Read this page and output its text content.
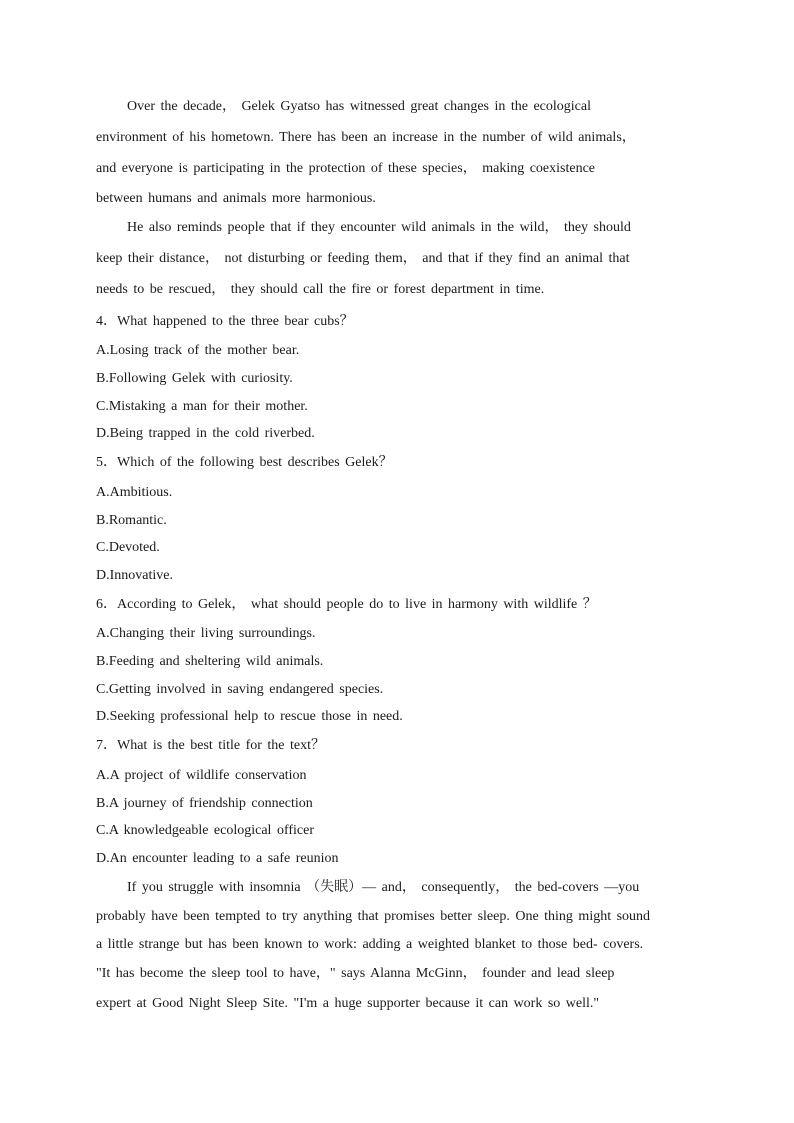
Over the decade， Gelek Gyatso has witnessed great changes in the ecological
environment of his hometown. There has been an increase in the number of wild animals，
and everyone is participating in the protection of these species， making coexistence
between humans and animals more harmonious.
He also reminds people that if they encounter wild animals in the wild， they should
keep their distance， not disturbing or feeding them， and that if they find an animal that
needs to be rescued， they should call the fire or forest department in time.
4．What happened to the three bear cubs？
A.Losing track of the mother bear.
B.Following Gelek with curiosity.
C.Mistaking a man for their mother.
D.Being trapped in the cold riverbed.
5．Which of the following best describes Gelek？
A.Ambitious.
B.Romantic.
C.Devoted.
D.Innovative.
6．According to Gelek， what should people do to live in harmony with wildlife ？
A.Changing their living surroundings.
B.Feeding and sheltering wild animals.
C.Getting involved in saving endangered species.
D.Seeking professional help to rescue those in need.
7．What is the best title for the text？
A.A project of wildlife conservation
B.A journey of friendship connection
C.A knowledgeable ecological officer
D.An encounter leading to a safe reunion
If you struggle with insomnia （失眠）— and， consequently， the bed-covers —you
probably have been tempted to try anything that promises better sleep. One thing might sound
a little strange but has been known to work: adding a weighted blanket to those bed- covers.
"It has become the sleep tool to have，" says Alanna McGinn， founder and lead sleep
expert at Good Night Sleep Site. "I'm a huge supporter because it can work so well."
